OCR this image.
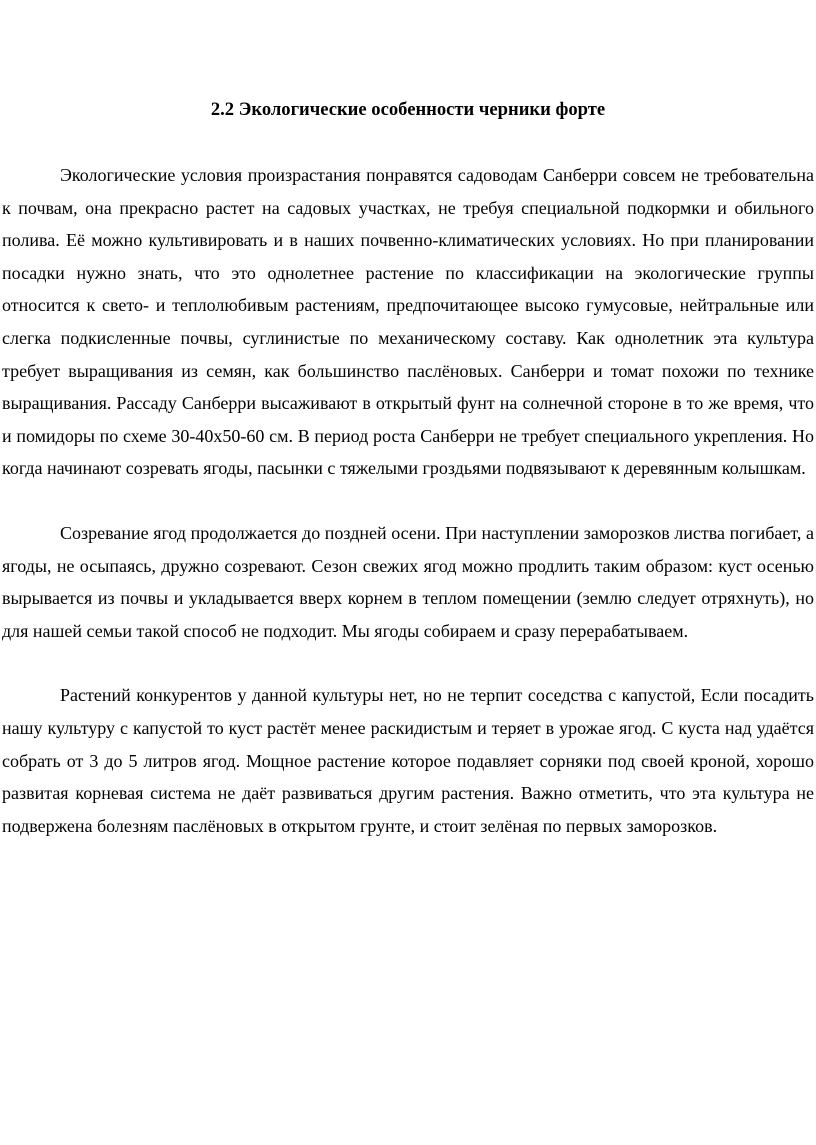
2.2 Экологические особенности черники форте

Экологические условия произрастания понравятся садоводам Санберри совсем не требовательна к почвам, она прекрасно растет на садовых участках, не требуя специальной подкормки и обильного полива. Её можно культивировать и в наших почвенно-климатических условиях. Но при планировании посадки нужно знать, что это однолетнее растение по классификации на экологические группы относится к свето- и теплолюбивым растениям, предпочитающее высоко гумусовые, нейтральные или слегка подкисленные почвы, суглинистые по механическому составу. Как однолетник эта культура требует выращивания из семян, как большинство паслёновых. Санберри и томат похожи по технике выращивания. Рассаду Санберри высаживают в открытый фунт на солнечной стороне в то же время, что и помидоры по схеме 30-40х50-60 см. В период роста Санберри не требует специального укрепления. Но когда начинают созревать ягоды, пасынки с тяжелыми гроздьями подвязывают к деревянным колышкам.

Созревание ягод продолжается до поздней осени. При наступлении заморозков листва погибает, а ягоды, не осыпаясь, дружно созревают. Сезон свежих ягод можно продлить таким образом: куст осенью вырывается из почвы и укладывается вверх корнем в теплом помещении (землю следует отряхнуть), но для нашей семьи такой способ не подходит. Мы ягоды собираем и сразу перерабатываем.

Растений конкурентов у данной культуры нет, но не терпит соседства с капустой, Если посадить нашу культуру с капустой то куст растёт менее раскидистым и теряет в урожае ягод. С куста над удаётся собрать от 3 до 5 литров ягод. Мощное растение которое подавляет сорняки под своей кроной, хорошо развитая корневая система не даёт развиваться другим растения. Важно отметить, что эта культура не подвержена болезням паслёновых в открытом грунте, и стоит зелёная по первых заморозков.
